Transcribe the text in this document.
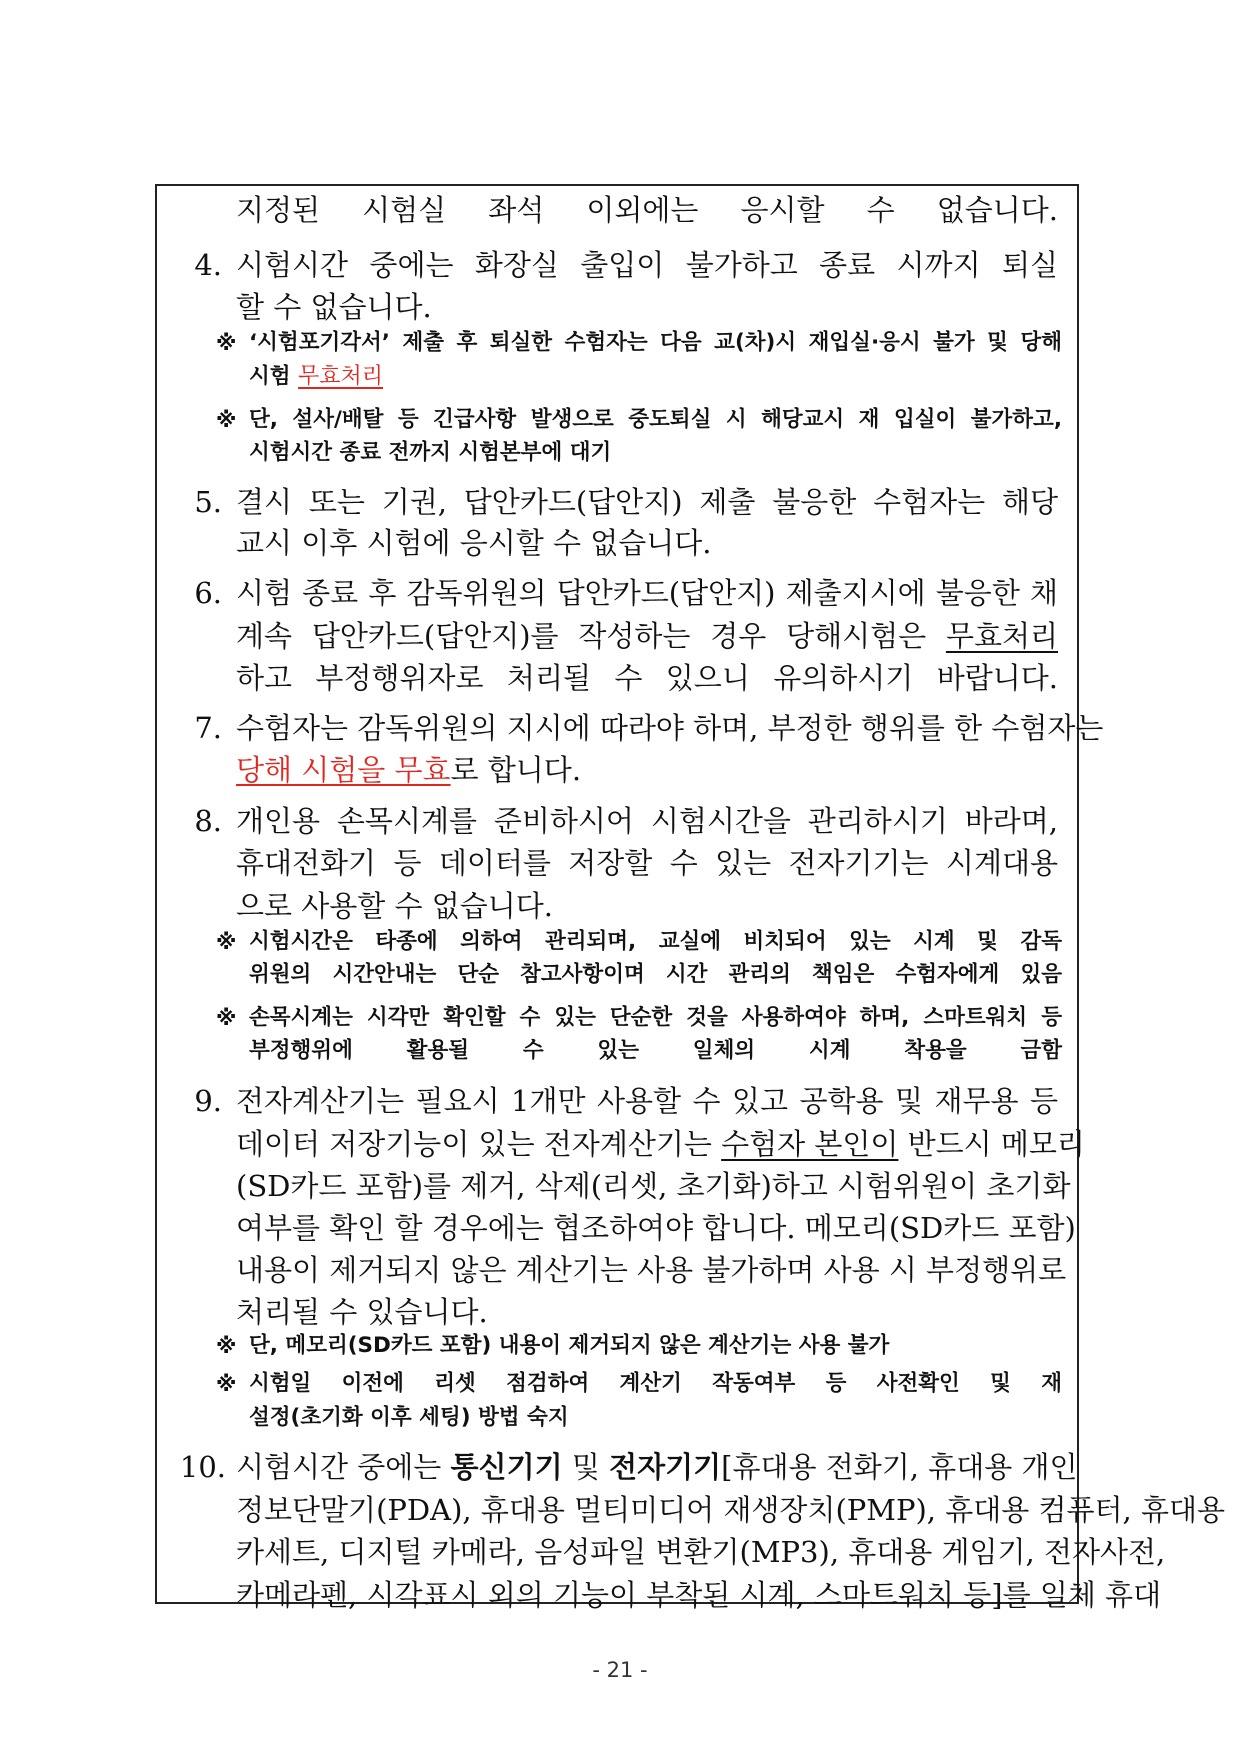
지정된 시험실 좌석 이외에는 응시할 수 없습니다.
4. 시험시간 중에는 화장실 출입이 불가하고 종료 시까지 퇴실
할 수 없습니다.
※ ‘시험포기각서’ 제출 후 퇴실한 수험자는 다음 교(차)시 재입실·응시 불가 및 당해
시험 무효처리
※ 단, 설사/배탈 등 긴급사항 발생으로 중도퇴실 시 해당교시 재 입실이 불가하고,
시험시간 종료 전까지 시험본부에 대기
5. 결시 또는 기권, 답안카드(답안지) 제출 불응한 수험자는 해당
교시 이후 시험에 응시할 수 없습니다.
6. 시험 종료 후 감독위원의 답안카드(답안지) 제출지시에 불응한 채
계속 답안카드(답안지)를 작성하는 경우 당해시험은 무효처리
하고 부정행위자로 처리될 수 있으니 유의하시기 바랍니다.
7. 수험자는 감독위원의 지시에 따라야 하며, 부정한 행위를 한 수험자는
당해 시험을 무효로 합니다.
8. 개인용 손목시계를 준비하시어 시험시간을 관리하시기 바라며,
휴대전화기 등 데이터를 저장할 수 있는 전자기기는 시계대용
으로 사용할 수 없습니다.
※ 시험시간은 타종에 의하여 관리되며, 교실에 비치되어 있는 시계 및 감독
위원의 시간안내는 단순 참고사항이며 시간 관리의 책임은 수험자에게 있음
※ 손목시계는 시각만 확인할 수 있는 단순한 것을 사용하여야 하며, 스마트워치 등
부정행위에 활용될 수 있는 일체의 시계 착용을 금함
9. 전자계산기는 필요시 1개만 사용할 수 있고 공학용 및 재무용 등
데이터 저장기능이 있는 전자계산기는 수험자 본인이 반드시 메모리
(SD카드 포함)를 제거, 삭제(리셋, 초기화)하고 시험위원이 초기화
여부를 확인 할 경우에는 협조하여야 합니다. 메모리(SD카드 포함)
내용이 제거되지 않은 계산기는 사용 불가하며 사용 시 부정행위로
처리될 수 있습니다.
※ 단, 메모리(SD카드 포함) 내용이 제거되지 않은 계산기는 사용 불가
※ 시험일 이전에 리셋 점검하여 계산기 작동여부 등 사전확인 및 재
설정(초기화 이후 세팅) 방법 숙지
10. 시험시간 중에는 통신기기 및 전자기기[휴대용 전화기, 휴대용 개인
정보단말기(PDA), 휴대용 멀티미디어 재생장치(PMP), 휴대용 컴퓨터, 휴대용
카세트, 디지털 카메라, 음성파일 변환기(MP3), 휴대용 게임기, 전자사전,
카메라펜, 시각표시 외의 기능이 부착된 시계, 스마트워치 등]를 일체 휴대
- 21 -
